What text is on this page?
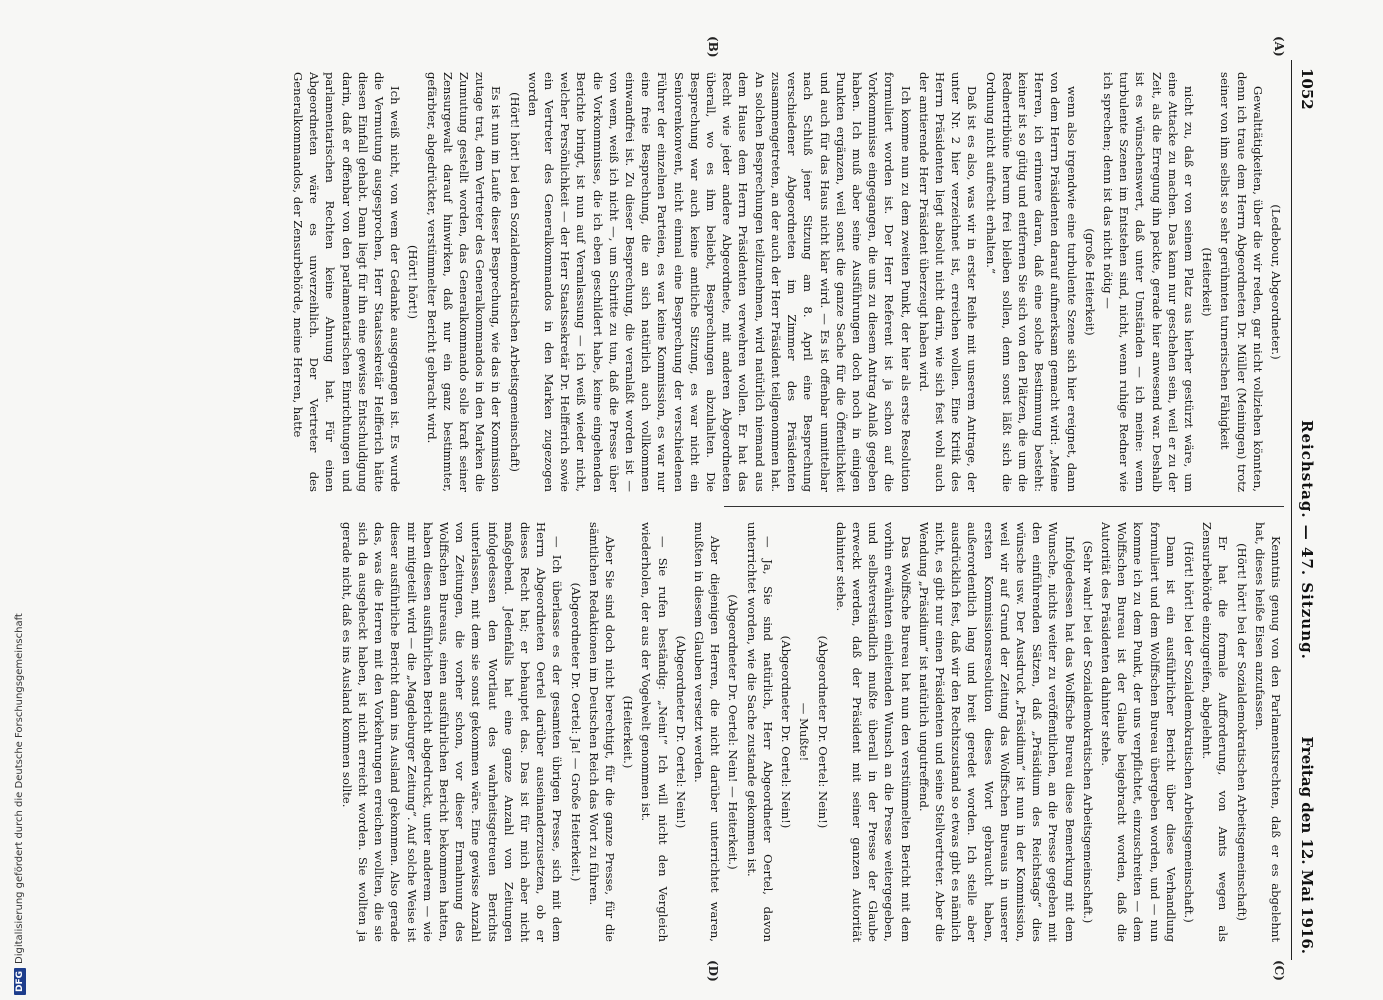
1052
Reichstag. — 47. Sitzung.
Freitag den 12. Mai 1916.

(Ledebour, Abgeordneter.)

Gewalttätigkeiten, über die wir reden, gar nicht vollziehen könnten, denn ich traue dem Herrn Abgeordneten Dr. Müller (Meiningen) trotz seiner von ihm selbst so sehr gerühmten turnerischen Fähigkeit

(Heiterkeit)

nicht zu, daß er von seinem Platz aus hierher gestürzt wäre, um eine Attacke zu machen. Das kann nur geschehen sein, weil er zu der Zeit, als die Erregung ihn packte, gerade hier anwesend war. Deshalb ist es wünschenswert, daß unter Umständen — ich meine: wenn turbulente Szenen im Entstehen sind, nicht, wenn ruhige Redner wie ich sprechen; denn ist das nicht nötig —

(große Heiterkeit)

wenn also irgendwie eine turbulente Szene sich hier ereignet, dann von dem Herrn Präsidenten darauf aufmerksam gemacht wird: „Meine Herren, ich erinnere daran, daß eine solche Bestimmung besteht: keiner ist so gütig und entfernen Sie sich von den Plätzen, die um die Rednertribüne herum frei bleiben sollen, denn sonst läßt sich die Ordnung nicht aufrecht erhalten.“

Daß ist es also, was wir in erster Reihe mit unserem Antrage, der unter Nr. 2 hier verzeichnet ist, erreichen wollen. Eine Kritik des Herrn Präsidenten liegt absolut nicht darin, wie sich fest wohl auch der amtierende Herr Präsident überzeugt haben wird.

Ich komme nun zu dem zweiten Punkt, der hier als erste Resolution formuliert worden ist. Der Herr Referent ist ja schon auf die Vorkommnisse eingegangen, die uns zu diesem Antrag Anlaß gegeben haben. Ich muß aber seine Ausführungen doch noch in einigen Punkten ergänzen, weil sonst die ganze Sache für die Öffentlichkeit und auch für das Haus nicht klar wird. — Es ist offenbar unmittelbar nach Schluß jener Sitzung am 8. April eine Besprechung verschiedener Abgeordneten im Zimmer des Präsidenten zusammengetreten, an der auch der Herr Präsident teilgenommen hat. An solchen Besprechungen teilzunehmen, wird natürlich niemand aus dem Hause dem Herrn Präsidenten verwehren wollen. Er hat das Recht wie jeder andere Abgeordnete, mit anderen Abgeordneten überall, wo es ihm beliebt, Besprechungen abzuhalten. Die Besprechung war auch keine amtliche Sitzung, es war nicht ein Seniorenkonvent, nicht einmal eine Besprechung der verschiedenen Führer der einzelnen Parteien, es war keine Kommission, es war nur eine freie Besprechung, die an sich natürlich auch vollkommen einwandfrei ist. Zu dieser Besprechung, die veranlaßt worden ist — von wem, weiß ich nicht —, um Schritte zu tun, daß die Presse über die Vorkommnisse, die ich eben geschildert habe, keine eingehenden Berichte bringt, ist nun auf Veranlassung — ich weiß wieder nicht, welcher Persönlichkeit — der Herr Staatssekretär Dr. Helfferich sowie ein Vertreter des Generalkommandos in den Marken zugezogen worden

(Hört! hört! bei den Sozialdemokratischen Arbeitsgemeinschaft)

Es ist nun im Laufe dieser Besprechung, wie das in der Kommission zutage trat, dem Vertreter des Generalkommandos in den Marken die Zumutung gestellt worden, das Generalkommando solle kraft seiner Zensurgewalt darauf hinwirken, daß nur ein ganz bestimmter, gefärbter, abgedrückter, verstümmelter Bericht gebracht wird.

(Hört! hört!)

Ich weiß nicht, von wem der Gedanke ausgegangen ist. Es wurde die Vermutung ausgesprochen, Herr Staatssekretär Helfferich hätte diesen Einfall gehabt. Dann liegt für ihn eine gewisse Entschuldigung darin, daß er offenbar von den parlamentarischen Einrichtungen und parlamentarischen Rechten keine Ahnung hat. Für einen Abgeordneten wäre es unverzeihlich. Der Vertreter des Generalkommandos, der Zensurbehörde, meine Herren, hatte

Kenntnis genug von den Parlamentsrechten, daß er es abgelehnt hat, dieses heiße Eisen anzufassen.

(Hört! hört! bei der Sozialdemokratischen Arbeitsgemeinschaft)

Er hat die formale Aufforderung, von Amts wegen als Zensurbehörde einzugreifen, abgelehnt.

(Hört! hört! bei der Sozialdemokratischen Arbeitsgemeinschaft.)

Dann ist ein ausführlicher Bericht über diese Verhandlung formuliert und dem Wolffschen Bureau übergeben worden, und — nun komme ich zu dem Punkt, der uns verpflichtet, einzuschreiten — dem Wolffschen Bureau ist der Glaube beigebracht worden, daß die Autorität des Präsidenten dahinter stehe.

(Sehr wahr! bei der Sozialdemokratischen Arbeitsgemeinschaft.)

Infolgedessen hat das Wolffsche Bureau diese Bemerkung mit dem Wunsche, nichts weiter zu veröffentlichen, an die Presse gegeben mit den einführenden Sätzen, daß „Präsidium des Reichstags“ dies wünsche usw. Der Ausdruck „Präsidium“ ist nun in der Kommission, weil wir auf Grund der Zeitung das Wolffschen Bureaus in unserer ersten Kommissionsresolution dieses Wort gebraucht haben, außerordentlich lang und breit geredet worden. Ich stelle aber ausdrücklich fest, daß wir den Rechtszustand so etwas gibt es nämlich nicht, es gibt nur einen Präsidenten und seine Stellvertreter. Aber die Wendung „Präsidium“ ist natürlich ungutreffend.

Das Wolffsche Bureau hat nun den verstümmelten Bericht mit dem vorhin erwähnten einleitenden Wunsch an die Presse weitergegeben, und selbstverständlich mußte überall in der Presse der Glaube erweckt werden, daß der Präsident mit seiner ganzen Autorität dahinter stehe.

(Abgeordneter Dr. Oertel: Nein!)

— Mußte!

(Abgeordneter Dr. Oertel: Nein!)

— Ja, Sie sind natürlich, Herr Abgeordneter Oertel, davon unterrichtet worden, wie die Sache zustande gekommen ist.

(Abgeordneter Dr. Oertel: Nein! — Heiterkeit.)

Aber diejenigen Herren, die nicht darüber unterrichtet waren, mußten in diesem Glauben versetzt werden.

(Abgeordneter Dr. Oertel: Nein!)

— Sie rufen beständig: „Nein!“ Ich will nicht den Vergleich wiederholen, der aus der Vogelwelt genommen ist.

(Heiterkeit.)

Aber Sie sind doch nicht berechtigt, für die ganze Presse, für die sämtlichen Redaktionen im Deutschen Reich das Wort zu führen.

(Abgeordneter Dr. Oertel: Ja! — Große Heiterkeit.)

— Ich überlasse es der gesamten übrigen Presse, sich mit dem Herrn Abgeordneten Oertel darüber auseinanderzusetzen, ob er dieses Recht hat; er behauptet das. Das ist für mich aber nicht maßgebend. Jedenfalls hat eine ganze Anzahl von Zeitungen infolgedessen den Wortlaut des wahrheitsgetreuen Berichts unterlassen, mit dem sie sonst gekommen wäre. Eine gewisse Anzahl von Zeitungen, die vorher schon, vor dieser Ermahnung des Wolffschen Bureaus, einen ausführlichen Bericht bekommen hatten, haben diesen ausführlichen Bericht abgedruckt, unter anderem — wie mir mitgeteilt wird — die „Magdeburger Zeitung“. Auf solche Weise ist dieser ausführliche Bericht dann ins Ausland gekommen. Also gerade das, was die Herren mit den Vorkehrungen erreichen wollten, die sie sich da ausgeheckt haben, ist nicht erreicht worden. Sie wollten ja gerade nicht, daß es ins Ausland kommen sollte.

(A)
(B)
(C)
(D)
DFGDigitalisierung gefördert durch die Deutsche Forschungsgemeinschaft
